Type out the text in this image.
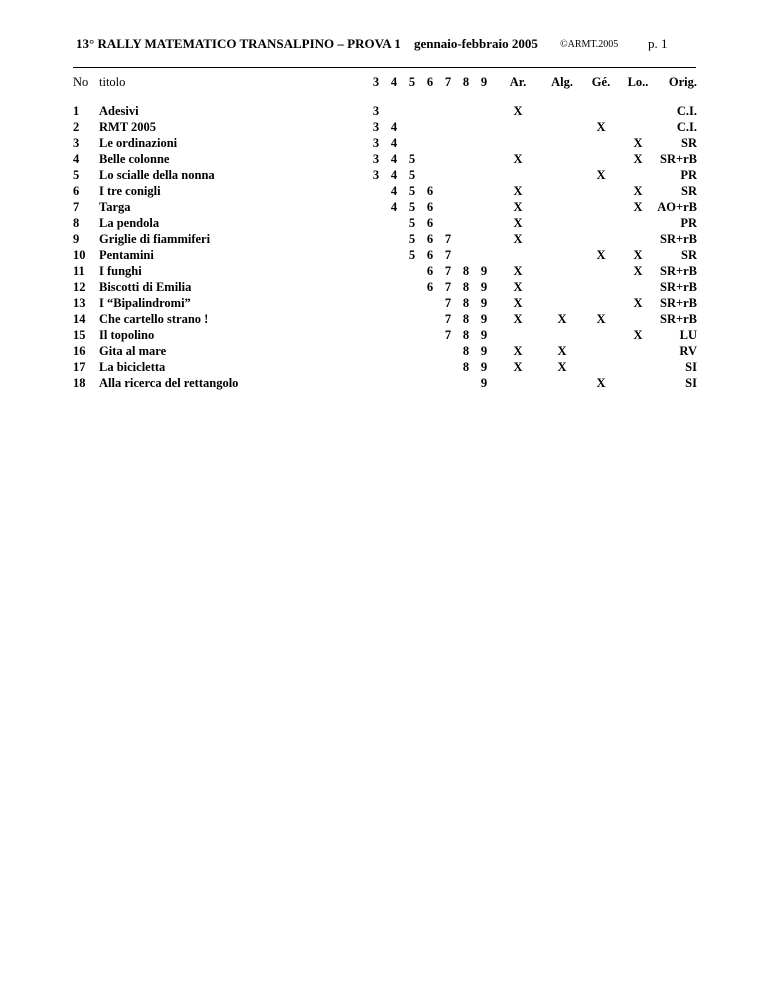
13° RALLY MATEMATICO TRANSALPINO – PROVA 1 gennaio-febbraio 2005 ©ARMT.2005 p. 1
No	titolo	3	4	5	6	7	8	9	Ar.	Alg.	Gé.	Lo..	Orig.

1	Adesivi	3							X				C.I.
2	RMT 2005	3	4								X		C.I.
3	Le ordinazioni	3	4									X	SR
4	Belle colonne	3	4	5					X			X	SR+rB
5	Lo scialle della nonna	3	4	5							X		PR
6	I tre conigli		4	5	6				X			X	SR
7	Targa		4	5	6				X			X	AO+rB
8	La pendola			5	6				X				PR
9	Griglie di fiammiferi			5	6	7			X				SR+rB
10	Pentamini			5	6	7					X	X	SR
11	I funghi				6	7	8	9	X			X	SR+rB
12	Biscotti di Emilia				6	7	8	9	X				SR+rB
13	I “Bipalindromi”					7	8	9	X			X	SR+rB
14	Che cartello strano !					7	8	9	X	X	X		SR+rB
15	Il topolino					7	8	9				X	LU
16	Gita al mare						8	9	X	X			RV
17	La bicicletta						8	9	X	X			SI
18	Alla ricerca del rettangolo							9			X		SI
